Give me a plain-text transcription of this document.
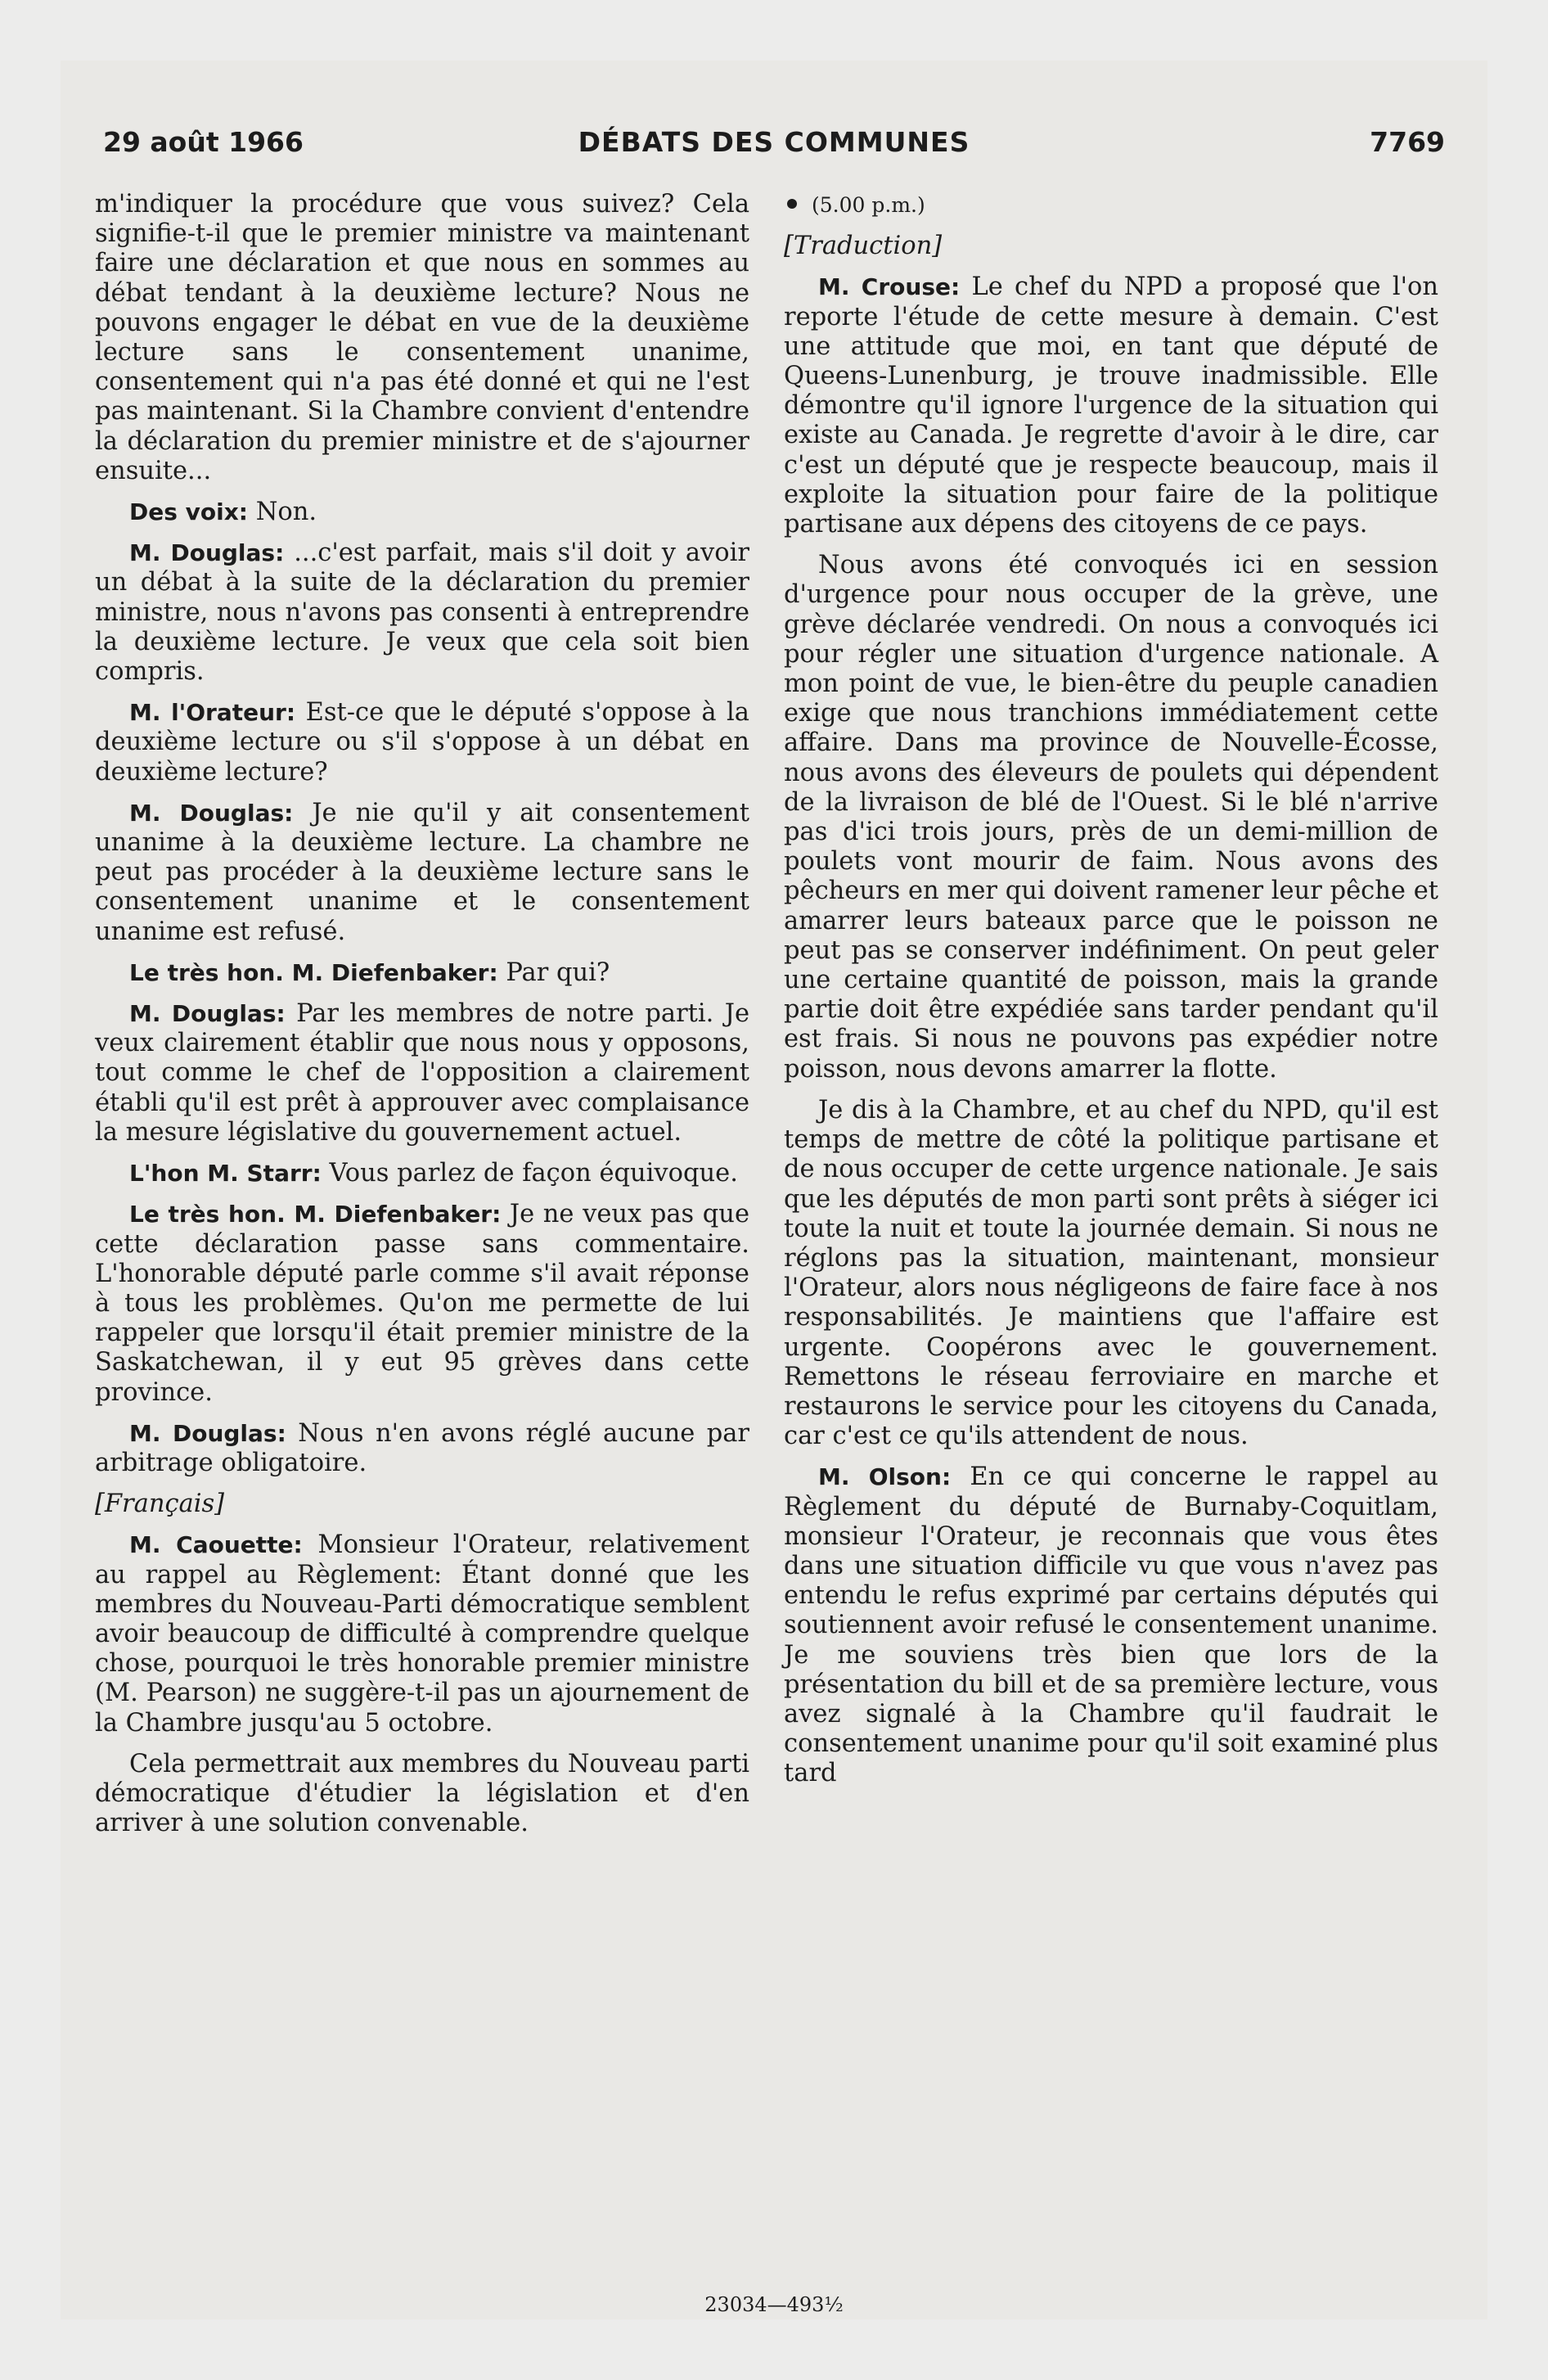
29 août 1966	DÉBATS DES COMMUNES	7769

m'indiquer la procédure que vous suivez? Cela signifie-t-il que le premier ministre va maintenant faire une déclaration et que nous en sommes au débat tendant à la deuxième lecture? Nous ne pouvons engager le débat en vue de la deuxième lecture sans le consentement unanime, consentement qui n'a pas été donné et qui ne l'est pas maintenant. Si la Chambre convient d'entendre la déclaration du premier ministre et de s'ajourner ensuite...

Des voix: Non.

M. Douglas: ...c'est parfait, mais s'il doit y avoir un débat à la suite de la déclaration du premier ministre, nous n'avons pas consenti à entreprendre la deuxième lecture. Je veux que cela soit bien compris.

M. l'Orateur: Est-ce que le député s'oppose à la deuxième lecture ou s'il s'oppose à un débat en deuxième lecture?

M. Douglas: Je nie qu'il y ait consentement unanime à la deuxième lecture. La chambre ne peut pas procéder à la deuxième lecture sans le consentement unanime et le consentement unanime est refusé.

Le très hon. M. Diefenbaker: Par qui?

M. Douglas: Par les membres de notre parti. Je veux clairement établir que nous nous y opposons, tout comme le chef de l'opposition a clairement établi qu'il est prêt à approuver avec complaisance la mesure législative du gouvernement actuel.

L'hon M. Starr: Vous parlez de façon équivoque.

Le très hon. M. Diefenbaker: Je ne veux pas que cette déclaration passe sans commentaire. L'honorable député parle comme s'il avait réponse à tous les problèmes. Qu'on me permette de lui rappeler que lorsqu'il était premier ministre de la Saskatchewan, il y eut 95 grèves dans cette province.

M. Douglas: Nous n'en avons réglé aucune par arbitrage obligatoire.

[Français]

M. Caouette: Monsieur l'Orateur, relativement au rappel au Règlement: Étant donné que les membres du Nouveau-Parti démocratique semblent avoir beaucoup de difficulté à comprendre quelque chose, pourquoi le très honorable premier ministre (M. Pearson) ne suggère-t-il pas un ajournement de la Chambre jusqu'au 5 octobre.

Cela permettrait aux membres du Nouveau parti démocratique d'étudier la législation et d'en arriver à une solution convenable.

(5.00 p.m.)

[Traduction]

M. Crouse: Le chef du NPD a proposé que l'on reporte l'étude de cette mesure à demain. C'est une attitude que moi, en tant que député de Queens-Lunenburg, je trouve inadmissible. Elle démontre qu'il ignore l'urgence de la situation qui existe au Canada. Je regrette d'avoir à le dire, car c'est un député que je respecte beaucoup, mais il exploite la situation pour faire de la politique partisane aux dépens des citoyens de ce pays.

Nous avons été convoqués ici en session d'urgence pour nous occuper de la grève, une grève déclarée vendredi. On nous a convoqués ici pour régler une situation d'urgence nationale. A mon point de vue, le bien-être du peuple canadien exige que nous tranchions immédiatement cette affaire. Dans ma province de Nouvelle-Écosse, nous avons des éleveurs de poulets qui dépendent de la livraison de blé de l'Ouest. Si le blé n'arrive pas d'ici trois jours, près de un demi-million de poulets vont mourir de faim. Nous avons des pêcheurs en mer qui doivent ramener leur pêche et amarrer leurs bateaux parce que le poisson ne peut pas se conserver indéfiniment. On peut geler une certaine quantité de poisson, mais la grande partie doit être expédiée sans tarder pendant qu'il est frais. Si nous ne pouvons pas expédier notre poisson, nous devons amarrer la flotte.

Je dis à la Chambre, et au chef du NPD, qu'il est temps de mettre de côté la politique partisane et de nous occuper de cette urgence nationale. Je sais que les députés de mon parti sont prêts à siéger ici toute la nuit et toute la journée demain. Si nous ne réglons pas la situation, maintenant, monsieur l'Orateur, alors nous négligeons de faire face à nos responsabilités. Je maintiens que l'affaire est urgente. Coopérons avec le gouvernement. Remettons le réseau ferroviaire en marche et restaurons le service pour les citoyens du Canada, car c'est ce qu'ils attendent de nous.

M. Olson: En ce qui concerne le rappel au Règlement du député de Burnaby-Coquitlam, monsieur l'Orateur, je reconnais que vous êtes dans une situation difficile vu que vous n'avez pas entendu le refus exprimé par certains députés qui soutiennent avoir refusé le consentement unanime. Je me souviens très bien que lors de la présentation du bill et de sa première lecture, vous avez signalé à la Chambre qu'il faudrait le consentement unanime pour qu'il soit examiné plus tard

23034—493½
